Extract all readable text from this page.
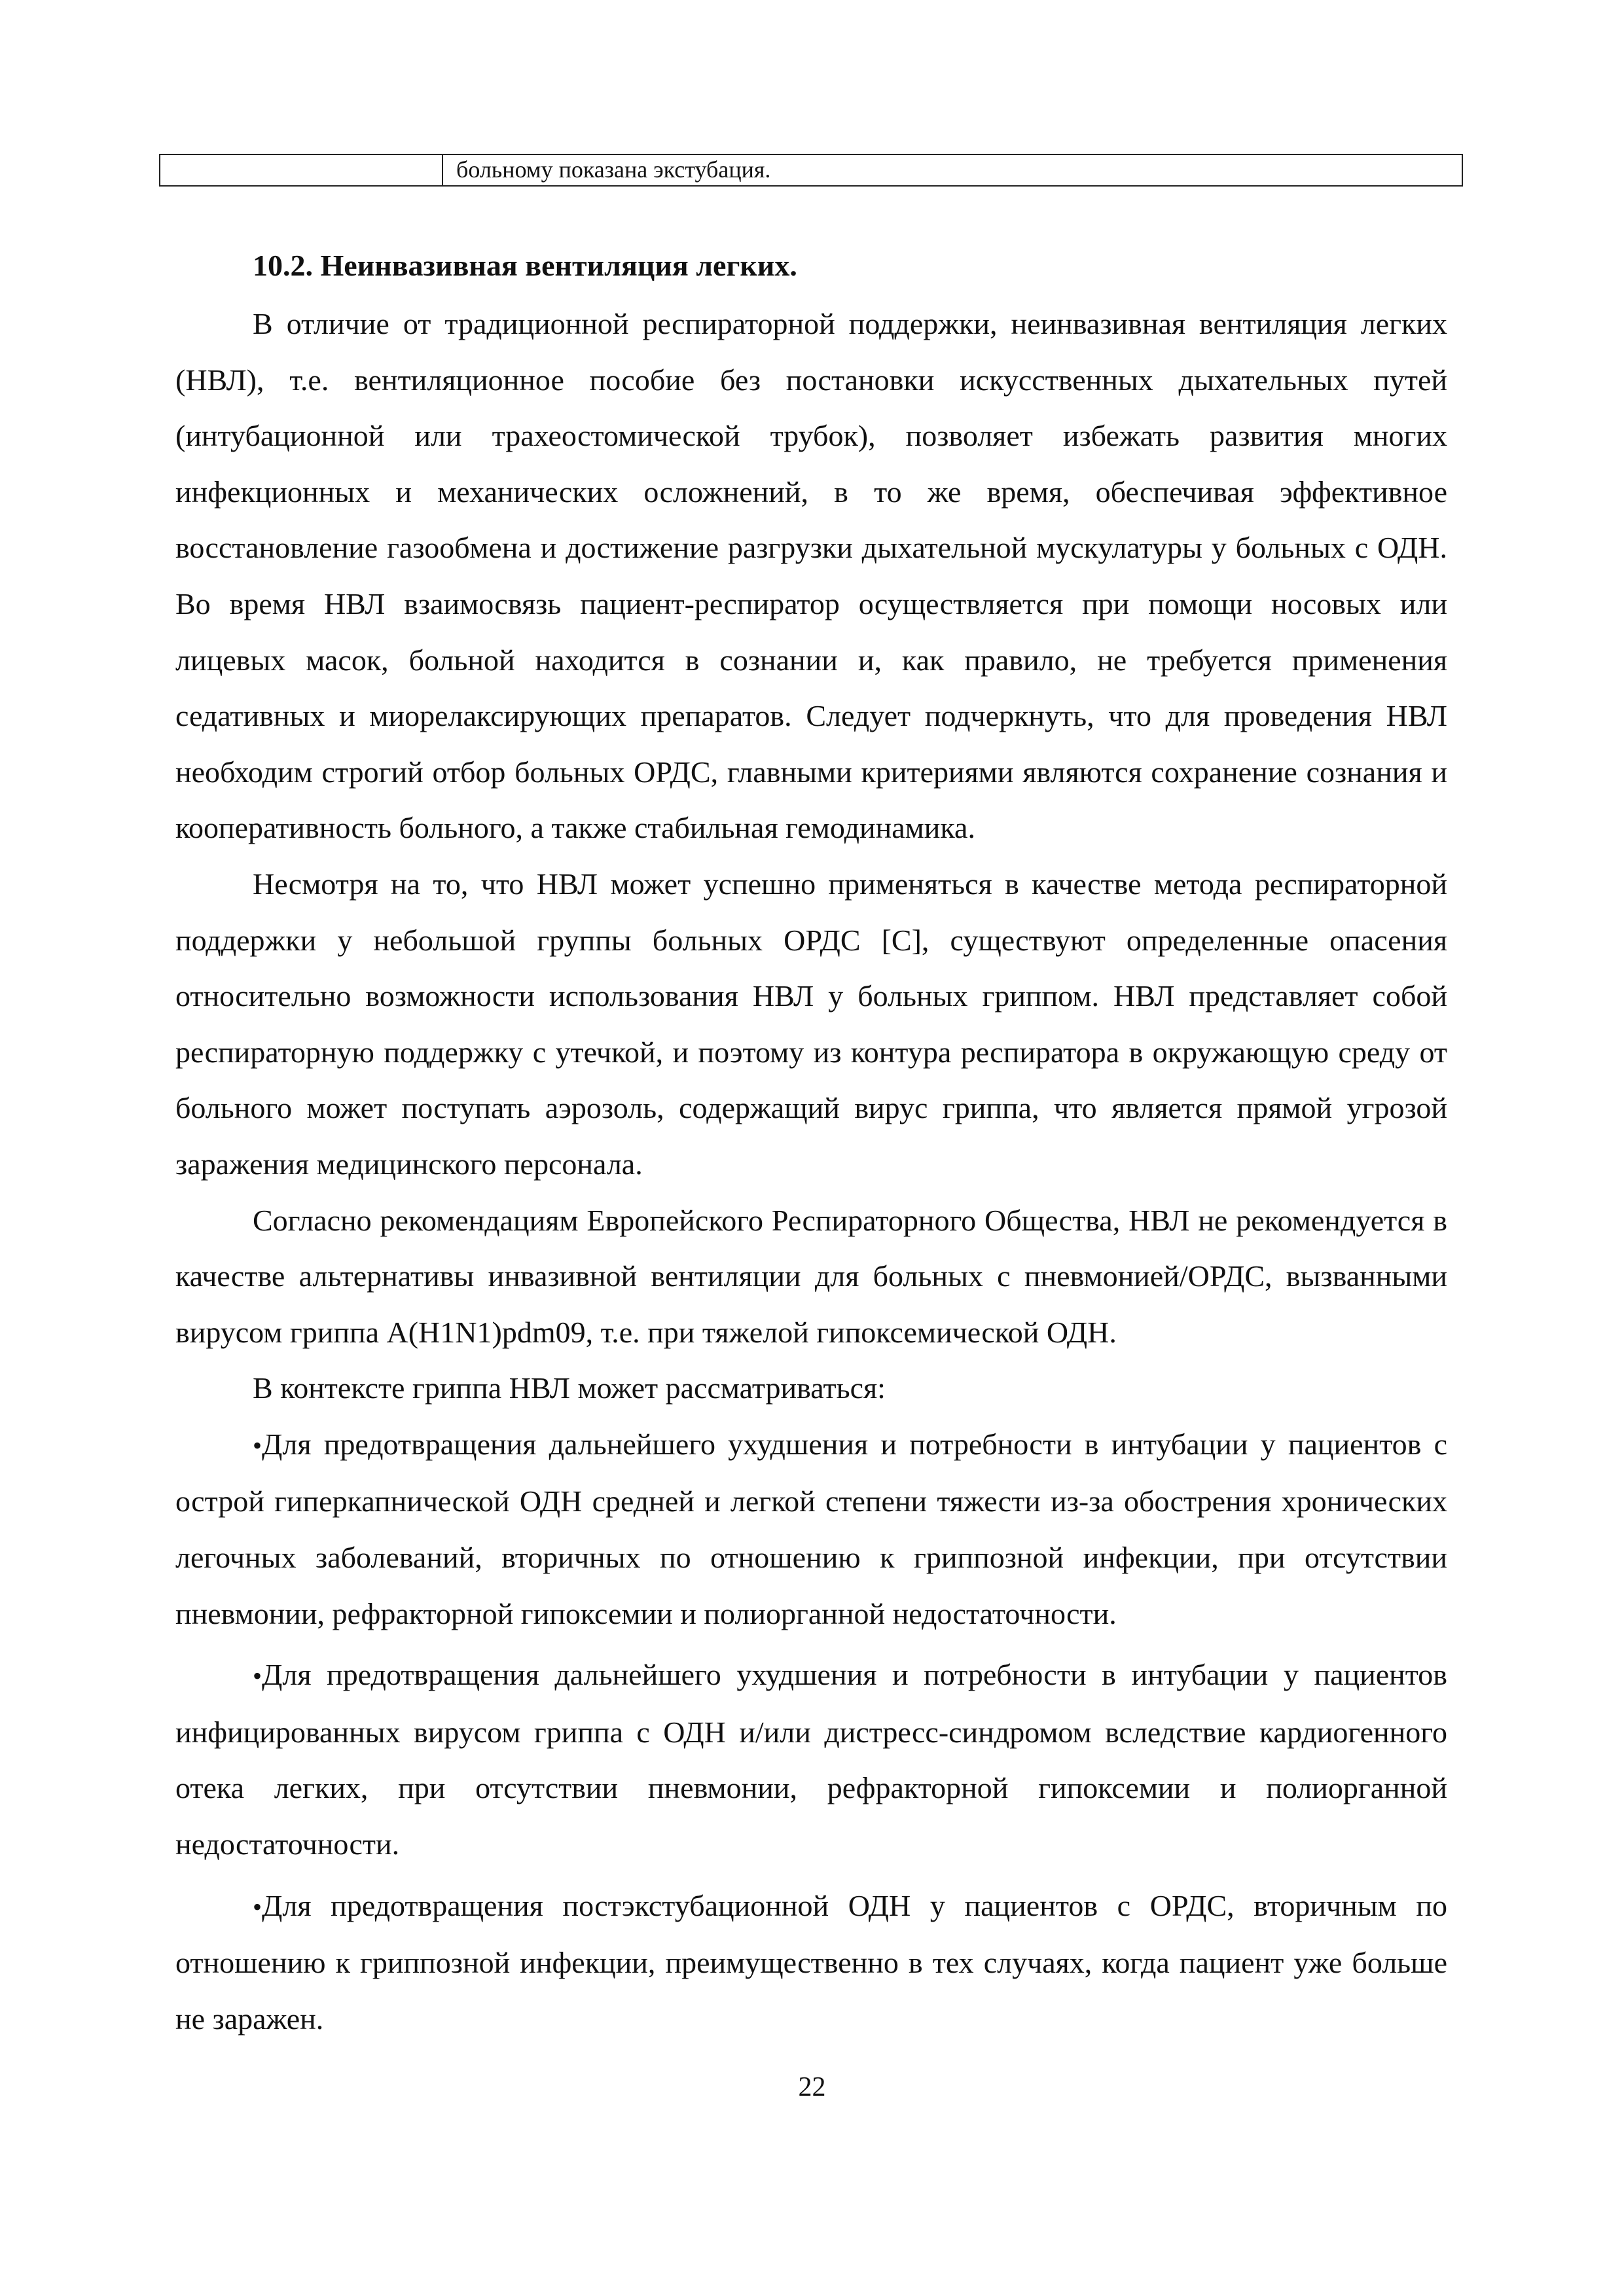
больному показана экстубация.
10.2. Неинвазивная вентиляция легких.

В отличие от традиционной респираторной поддержки, неинвазивная вентиляция легких (НВЛ), т.е. вентиляционное пособие без постановки искусственных дыхательных путей (интубационной или трахеостомической трубок), позволяет избежать развития многих инфекционных и механических осложнений, в то же время, обеспечивая эффективное восстановление газообмена и достижение разгрузки дыхательной мускулатуры у больных с ОДН. Во время НВЛ взаимосвязь пациент-респиратор осуществляется при помощи носовых или лицевых масок, больной находится в сознании и, как правило, не требуется применения седативных и миорелаксирующих препаратов. Следует подчеркнуть, что для проведения НВЛ необходим строгий отбор больных ОРДС, главными критериями являются сохранение сознания и кооперативность больного, а также стабильная гемодинамика.

Несмотря на то, что НВЛ может успешно применяться в качестве метода респираторной поддержки у небольшой группы больных ОРДС [С], существуют определенные опасения относительно возможности использования НВЛ у больных гриппом. НВЛ представляет собой респираторную поддержку с утечкой, и поэтому из контура респиратора в окружающую среду от больного может поступать аэрозоль, содержащий вирус гриппа, что является прямой угрозой заражения медицинского персонала.

Согласно рекомендациям Европейского Респираторного Общества, НВЛ не рекомендуется в качестве альтернативы инвазивной вентиляции для больных с пневмонией/ОРДС, вызванными вирусом гриппа A(H1N1)pdm09, т.е. при тяжелой гипоксемической ОДН.

В контексте гриппа НВЛ может рассматриваться:

•Для предотвращения дальнейшего ухудшения и потребности в интубации у пациентов с острой гиперкапнической ОДН средней и легкой степени тяжести из-за обострения хронических легочных заболеваний, вторичных по отношению к гриппозной инфекции, при отсутствии пневмонии, рефракторной гипоксемии и полиорганной недостаточности.

•Для предотвращения дальнейшего ухудшения и потребности в интубации у пациентов инфицированных вирусом гриппа с ОДН и/или дистресс-синдромом вследствие кардиогенного отека легких, при отсутствии пневмонии, рефракторной гипоксемии и полиорганной недостаточности.

•Для предотвращения постэкстубационной ОДН у пациентов с ОРДС, вторичным по отношению к гриппозной инфекции, преимущественно в тех случаях, когда пациент уже больше не заражен.

22
